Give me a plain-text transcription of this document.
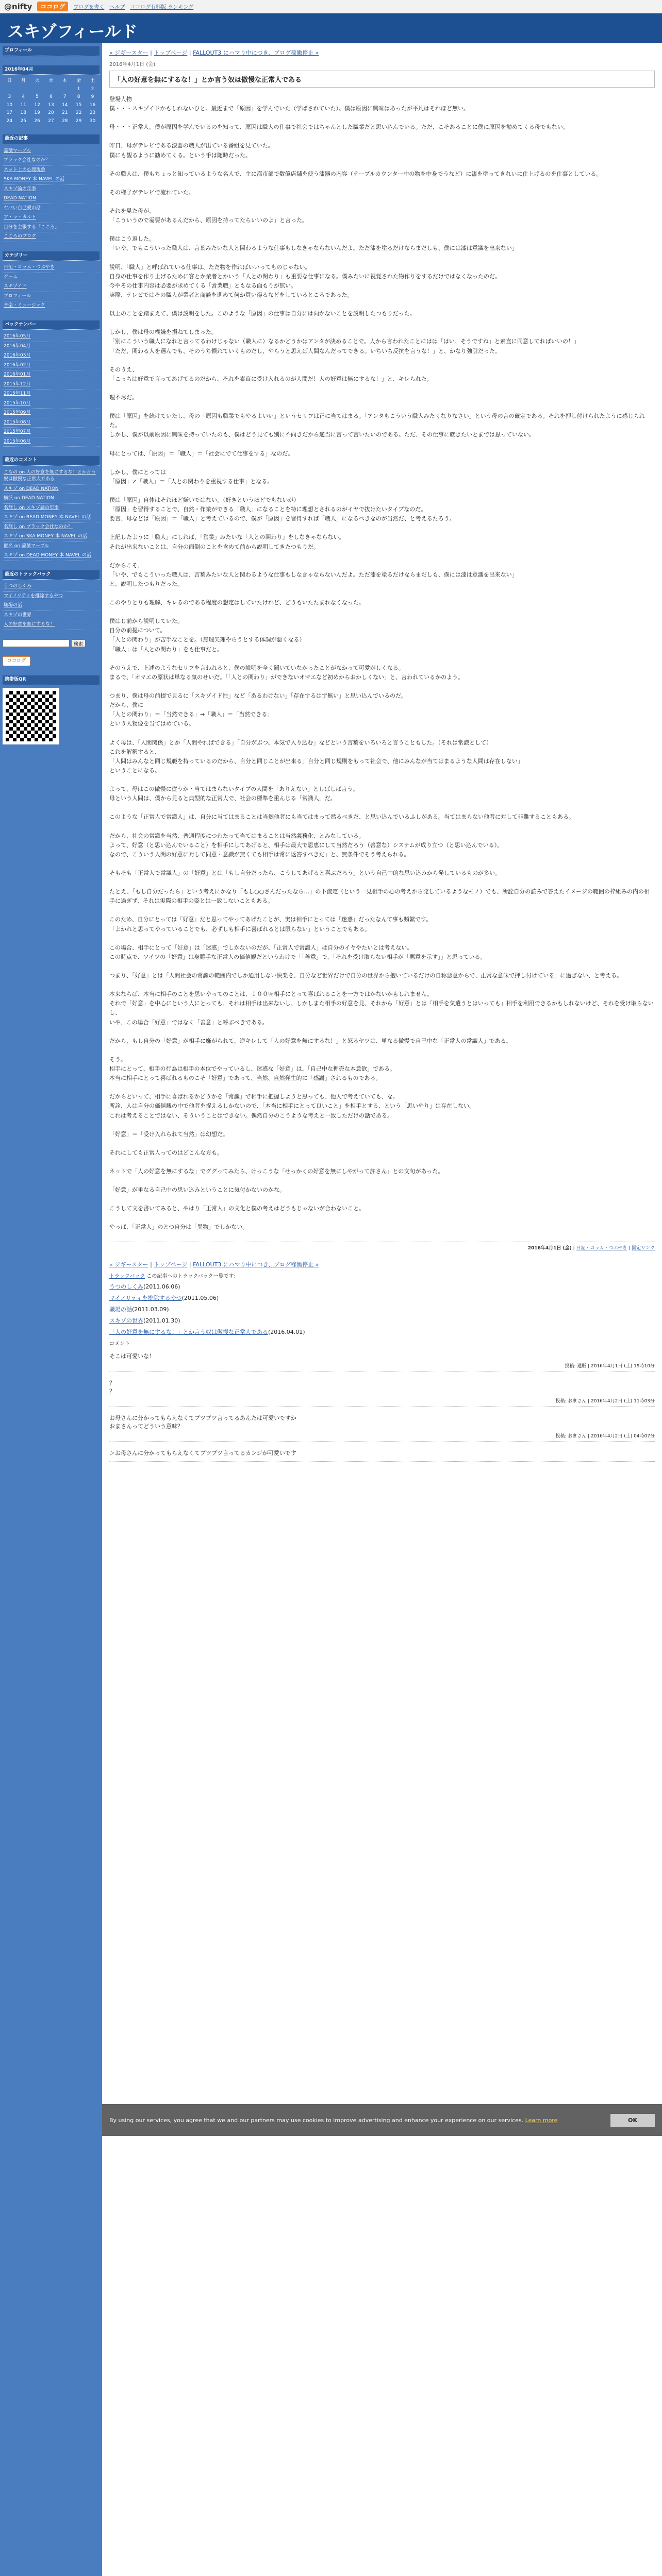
@nifty	ココログ	ブログを書く ヘルプ ココログ有料版 ランキング
スキゾフィールド
プロフィール
2016年04月
日	月	火	水	木	金	土
					1	2
3	4	5	6	7	8	9
10	11	12	13	14	15	16
17	18	19	20	21	22	23
24	25	26	27	28	29	30
最近の記事
薔薇マーブル
ブラック会社なのか？
ネット上の心理現象
SKA MONEY 本 NAVEL の話
スキゾ論の年季
DEAD NATION
ヤバい自己愛の話
ア・ラ・カルト
自分を主張する「こころ」
こころのブログ
カテゴリー
日記・コラム・つぶやき
ゲーム
スキゾイド
プロフィール
音楽・ミュージック
バックナンバー
2016年05月
2016年04月
2016年03月
2016年02月
2016年01月
2015年12月
2015年11月
2015年10月
2015年09月
2015年08月
2015年07月
2015年06月
最近のコメント
こもの on 人の好意を無にするな！とか言う奴は傲慢な正常人である
スキゾ on DEAD NATION
横浜 on DEAD NATION
名無し on スキゾ論の年季
スキゾ on BEAD MONEY 本 NAVEL の話
名無し on ブラック会社なのか？
スキゾ on SKA MONEY 本 NAVEL の話
匿名 on 薔薇マーブル
スキゾ on DEAD MONEY 本 NAVEL の話
最近のトラックバック
うつのしくみ
マイノリティを排除するやつ
職場の話
スキゾの世界
人の好意を無にするな！
検索
ココログ
携帯版QR
« ジギースター | トップページ | FALLOUT3 にハマり中につき、ブログ稼働停止 »
2016年4月1日 (金)
「人の好意を無にするな！」とか言う奴は傲慢な正常人である

登場人物
僕・・・スキゾイドかもしれないひと。最近まで「原因」を学んでいた（学ばされていた）。僕は原因に興味はあったが平凡はそれほど無い。

母・・・正常人。僕が原因を学んでいるのを知って、原因は職人の仕事で社会ではちゃんとした職業だと思い込んでいる。ただ、こそあることに僕に原因を勧めてくる母でもない。

昨日、母がテレビである漆器の職人が出ている番組を見ていた。
僕にも観るように勧めてくる。という手は随時だった。

その職人は、僕もちょっと知っているような名人で、主に都市部で数億店舗を使う漆器の内容（テーブルカウンター中の物を中身でうなど）に漆を塗ってきれいに仕上げるのを仕事としている。

その様子がテレビで流れていた。

それを見た母が、
「こういうので需要があるんだから、原因を持ってたらいいのよ」と言った。

僕はこう返した。
「いや、でもこういった職人は、言葉みたいな人と関わるような仕事もしなきゃならないんだよ。ただ漆を塗るだけならまだしも、僕には漆は意識を出来ない」

説明、「職人」と呼ばれている仕事は、ただ物を作ればいいってものじゃない。
自身の仕事を作り上げるために客とか業者とかいう「人との関わり」も重要な仕事になる。僕みたいに視覚された物作りをするだけではなくなったのだ。
今やその仕事内容は必要が求めてくる「営業職」ともなる面もりが無い。
実際、テレビではその職人が業者と商談を進めて何か買い得るなどをしているところであった。

以上のことを踏まえて、僕は説明をした。このような「原因」の仕事は自分には向かないことを説明したつもりだった。

しかし、僕は母の機嫌を損ねてしまった。
「別にこういう職人になれと言ってるわけじゃない（職人に）なるかどうかはアンタが決めることで。人から言われたことにはは「はい、そうですね」と素直に同意してればいいの！」
「ただ、関わる人を選んでも、そのうち慣れていくものだし、やらうと思えば人間なんだってできる。いちいち反抗を言うな！」と、かなり強引だった。

そのうえ、
「こっちは好意で言ってあげてるのだから、それを素直に受け入れるのが人間だ！人の好意は無にするな！」と、キレられた。

理不尽だ。

僕は「原因」を続けていたし、母の「原因も職業でもやるよいい」というセリフは正に当てはまる。「アンタもこういう職人みたくなりなさい」という母の言の確定である。それを押し付けられたように感じられた。
しかし、僕が以前原因に興味を持っていたのも、僕はどう見ても別に不向きだから適当に言って言いたいのである。ただ、その仕事に就きたいとまでは思っていない。

母にとっては、「原因」＝「職人」＝「社会にでて仕事をする」なのだ。

しかし、僕にとっては
「原因」≠「職人」＝「人との関わりを重視する仕事」となる。

僕は「原因」自体はそれほど嫌いではない。（好きというほどでもないが）
「原因」を習得することで、自然・作業ができる「職人」になることを特に理想とされるのがイヤで抜けたいタイプなのだ。
要言、母などは「原因」＝「職人」と考えているので、僕が「原因」を習得すれば「職人」になるべきなのが当然だ、と考えるたろう。

上記したように「職人」にしれば、「営業」みたいな「人との関わり」をしなきゃならない。
それが出来ないことは、自分の面倒のことを含めて前から説明してきたつもりだ。

だからこそ、
「いや、でもこういった職人は、言葉みたいな人と関わるような仕事もしなきゃならないんだよ。ただ漆を塗るだけならまだしも、僕には漆は意識を出来ない」
と、説明したつもりだった。

このやりとりも理解、キレるのである程度の想定はしていたけれど、どうもいたたまれなくなった。

僕はじ前から説明していた。
自分の前提について。
「人との関わり」が苦手なことを。（無理矢理やらうとする体調が悪くなる）
「職人」は「人との関わり」をも仕事だと。

そのうえで、上述のようなセリフを言われると、僕の説明を全く聞いていなかったことがなかって可愛がしくなる。
まるで、「オマエの原状は単なる気のせいだ。「「人との関わり」ができないオマエなど初めからおかしくない」と、言われているかのよう。

つまり、僕は母の前提で見るに「スキゾイド性」など「あるわけない」「存在するはず無い」と思い込んでいるのだ。
だから、僕に
「人との関わり」＝「当然できる」→「職人」＝「当然できる」
という人物像を当てはめている。

よく母は、「人間関係」とか「人間やればできる」「自分がぶつ、本気で入り込む」などという言葉をいろいろと言うこともした。（それは常識として）
これを解釈すると、
「人間はみんなと同じ規範を持っているのだから、自分と同じことが出来る」自分と同じ規則をもって社会で、他にみんなが当てはまるような人間は存在しない」
ということになる。

よって、母はこの傲慢に従うか・当てはまらないタイプの人間を「ありえない」としばしば言う。
母という人間は、僕から見ると典型的な正常人で、社会の標準を重んじる「常識人」だ。

このような「正常人で常識人」は、自分に当てはまることは当然他者にも当てはまって然るべきだ、と思い込んでいるふしがある。当てはまらない他者に対して非難することもある。

だから、社会の常識を当然、普通程度につわたって当てはまることは当然義務化、とみなしている。
よって、好意（と思い込んでいること）を相手にしてあげると、相手は最大で恩恵にして当然だろう（善意な）システムが成り立つ（と思い込んでいる）。
なので、こういう人間の好意に対して同意・意識が無くても相手は常に返答すべきだ」と、無条件でそう考えられる。

そもそも「正常人で常識人」の「好意」とは「もし自分だったら、こうしてあげると喜ぶだろう」という自己中的な思い込みから発しているものが多い。

たとえ、「もし自分だったら」という考えにかなり「もし○○さんだったなら…」の下流定（という一見相手の心の考えから発しているようなモノ）でも、所詮自分の読みで答えたイメージの範囲の枠組みの内の相手に過ぎず、それは実際の相手の姿とは一致しないこともある。

このため、自分にとっては「好意」だと思ってやってあげたことが、実は相手にとっては「迷惑」だったなんて事も頻繁です。
「よかれと思ってやっていることでも、必ずしも相手に喜ばれるとは限らない」ということでもある。

この場合、相手にとって「好意」は「迷惑」でしかないのだが、「正常人で常識人」は自分のイヤやたいとは考えない。
この時点で、ソイツの「好意」は身勝手な正常人の価値観だというわけで「「善意」で、「それを受け取らない相手が「悪意を示す」」と思っている。

つまり、「好意」とは「人間社会の常識の範囲内でしか通用しない快楽を、自分など世界だけで自分の世界から抱いているだけの自称悪意からで、正常な意味で押し付けている」に過ぎない、と考える。

本来ならば、本当に相手のことを思いやってのことは、１００％相手にとって喜ばれることを一方ではかないかもしれません。
それで「好意」を中心にという人にとっても、それは相手は出来ないし、しかしまた相手の好意を見、それから「好意」とは「相手を気遣うとはいっても」相手を利用できるかもしれないけど、それを受け取らないし、
いや、この場合「好意」ではなく「善意」と呼ぶべきである。

だから、もし自分の「好意」が相手に嫌がられて、逆キレして「人の好意を無にするな！」と怒るヤツは、単なる傲慢で自己中な「正常人の常識人」である。

そう。
相手にとって、相手の行為は相手の本位でやっているし、迷惑な「好意」は、「自己中な押売な本意欲」である。
本当に相手にとって喜ばれるものこそ「好意」であって、当然、自然発生的に「感謝」されるものである。

だからといって、相手に喜ばれるかどうかを「常識」で相手に把握しようと思っても、他人で考えていても、な。
所詮、人は自分の価値観の中で他者を捉えるしかないので、「本当に相手にとって良いこと」を相手とする、という「思いやり」は存在しない。
これは考えることではない、そういうことはできない。偶然自分のこうような考えと一致しただけの話である。

「好意」＝「受け入れられて当然」は幻想だ。

それにしても正常人ってのはどこんな方も。

ネットで「人の好意を無にするな」でググってみたら、けっこうな「せっかくの好意を無にしやがって許さん」との文句があった。

「好意」が単なる自己中の思い込みということに気付かないのかな。

こうして文を書いてみると、やはり「正常人」の文化と僕の考えはどうもじゃないが合わないこと。

やっぱ、「正常人」のとつ自分は「異物」でしかない。

2016年4月1日 (金) | 日記・コラム・つぶやき | 固定リンク
« ジギースター | トップページ | FALLOUT3 にハマり中につき、ブログ稼働停止 »
トラックバック この記事へのトラックバック一覧です:
うつのしくみ(2011.06.06)
マイノリティを排除するやつ(2011.05.06)
職場の話(2011.03.09)
スキゾの世界(2011.01.30)
「人の好意を無にするな！」とか言う奴は傲慢な正常人である(2016.04.01)
コメント
そこは可愛いな！
投稿: 通販 | 2016年4月1日 (土) 19時10分
？
？
投稿: おまさん | 2016年4月2日 (土) 11時03分
お母さんに分かってもらえなくてブツブツ言ってるあんたは可愛いですか
おまさんってどういう意味？
投稿: おまさん | 2016年4月2日 (土) 04時07分
＞お母さんに分かってもらえなくてブツブツ言ってるカンジが可愛いです
By using our services, you agree that we and our partners may use cookies to improve advertising and enhance your experience on our services. Learn more	OK
